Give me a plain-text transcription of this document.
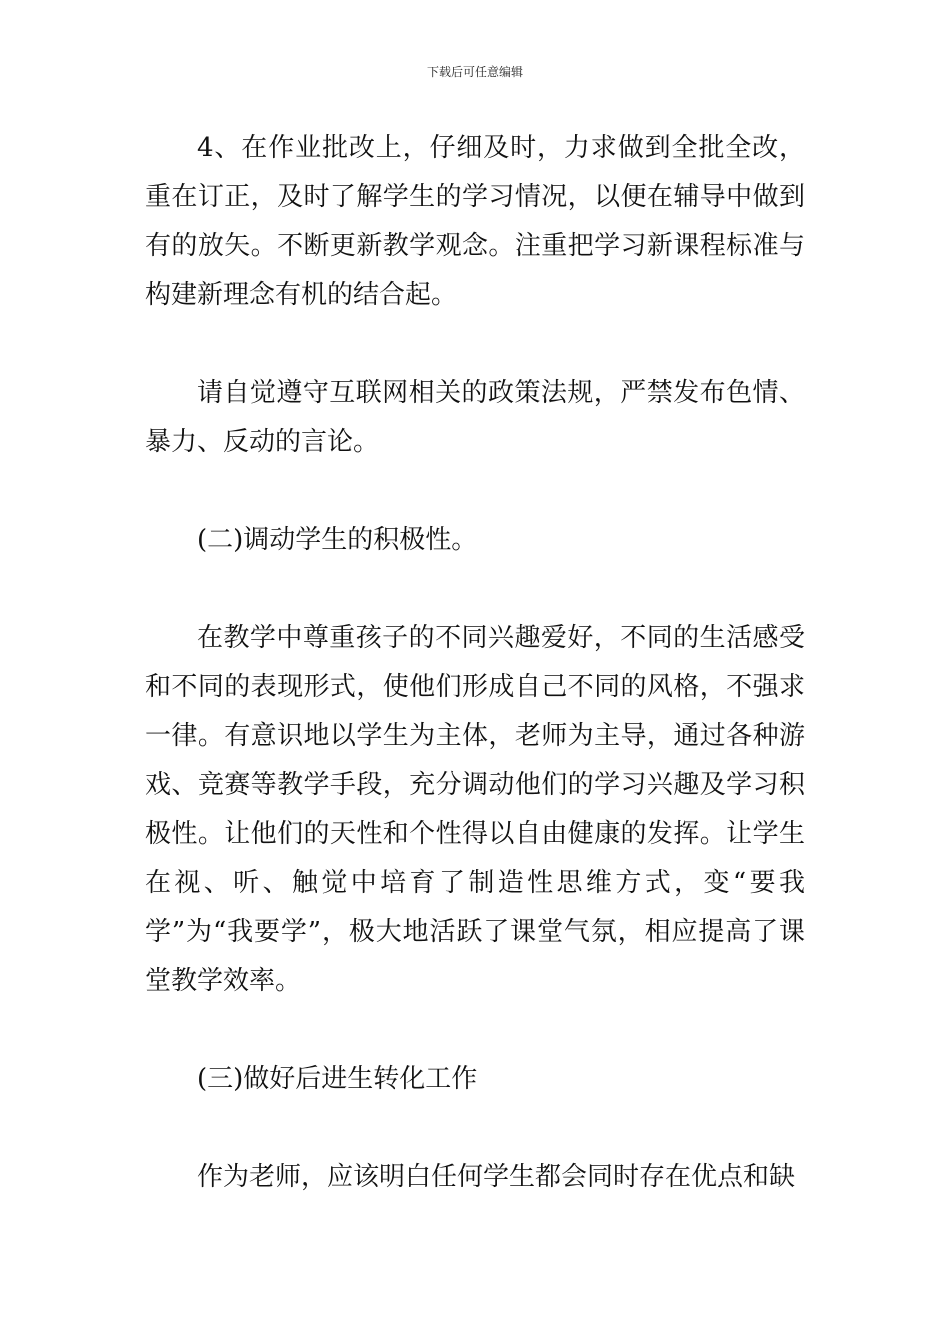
下载后可任意编辑

4、在作业批改上，仔细及时，力求做到全批全改，重在订正，及时了解学生的学习情况，以便在辅导中做到有的放矢。不断更新教学观念。注重把学习新课程标准与构建新理念有机的结合起。

请自觉遵守互联网相关的政策法规，严禁发布色情、暴力、反动的言论。

(二)调动学生的积极性。

在教学中尊重孩子的不同兴趣爱好，不同的生活感受和不同的表现形式，使他们形成自己不同的风格，不强求一律。有意识地以学生为主体，老师为主导，通过各种游戏、竞赛等教学手段，充分调动他们的学习兴趣及学习积极性。让他们的天性和个性得以自由健康的发挥。让学生在视、听、触觉中培育了制造性思维方式，变“要我学”为“我要学”，极大地活跃了课堂气氛，相应提高了课堂教学效率。

(三)做好后进生转化工作

作为老师，应该明白任何学生都会同时存在优点和缺
